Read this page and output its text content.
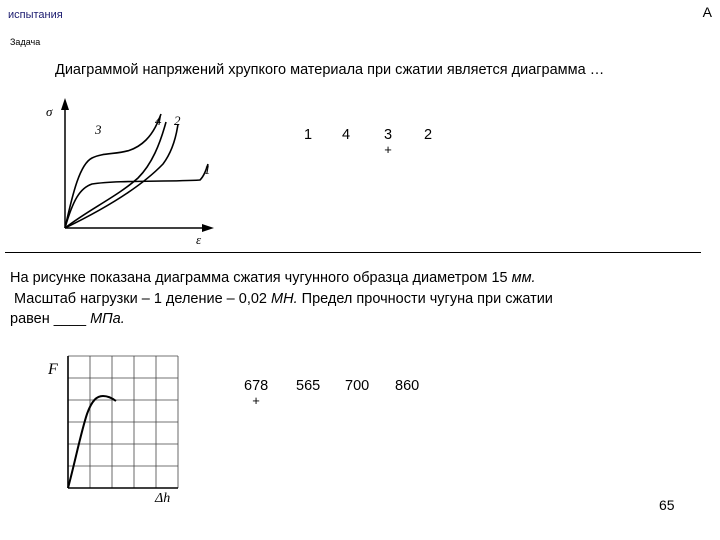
испытания	А
Задача
Диаграммой напряжений хрупкого материала при сжатии является диаграмма …
σ
ε
3
4 2
1
1 4 3
+
2
На рисунке показана диаграмма сжатия чугунного образца диаметром 15 мм.
Масштаб нагрузки – 1 деление – 0,02 МН. Предел прочности чугуна при сжатии
равен ____ МПа.
F
Δh
678
+
565 700 860
65
